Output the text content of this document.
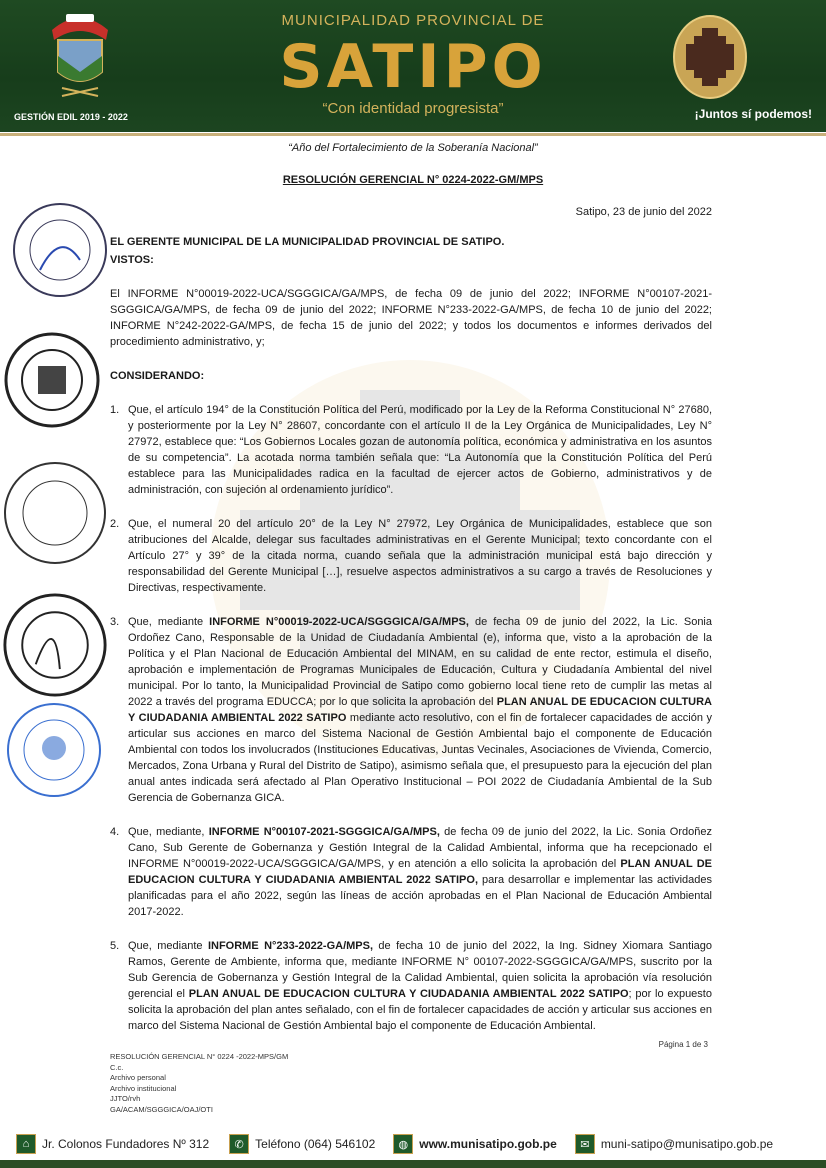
MUNICIPALIDAD PROVINCIAL DE
SATIPO
“Con identidad progresista”
GESTIÓN EDIL 2019 - 2022	¡Juntos sí podemos!
“Año del Fortalecimiento de la Soberanía Nacional”
RESOLUCIÓN GERENCIAL N° 0224-2022-GM/MPS
Satipo, 23 de junio del 2022
EL GERENTE MUNICIPAL DE LA MUNICIPALIDAD PROVINCIAL DE SATIPO.
VISTOS:
El INFORME N°00019-2022-UCA/SGGGICA/GA/MPS, de fecha 09 de junio del 2022; INFORME N°00107-2021-SGGGICA/GA/MPS, de fecha 09 de junio del 2022; INFORME N°233-2022-GA/MPS, de fecha 10 de junio del 2022; INFORME N°242-2022-GA/MPS, de fecha 15 de junio del 2022; y todos los documentos e informes derivados del procedimiento administrativo, y;
CONSIDERANDO:
1. Que, el artículo 194° de la Constitución Política del Perú, modificado por la Ley de la Reforma Constitucional N° 27680, y posteriormente por la Ley N° 28607, concordante con el artículo II de la Ley Orgánica de Municipalidades, Ley N° 27972, establece que: “Los Gobiernos Locales gozan de autonomía política, económica y administrativa en los asuntos de su competencia”. La acotada norma también señala que: “La Autonomía que la Constitución Política del Perú establece para las Municipalidades radica en la facultad de ejercer actos de Gobierno, administrativos y de administración, con sujeción al ordenamiento jurídico”.
2. Que, el numeral 20 del artículo 20° de la Ley N° 27972, Ley Orgánica de Municipalidades, establece que son atribuciones del Alcalde, delegar sus facultades administrativas en el Gerente Municipal; texto concordante con el Artículo 27° y 39° de la citada norma, cuando señala que la administración municipal está bajo dirección y responsabilidad del Gerente Municipal […], resuelve aspectos administrativos a su cargo a través de Resoluciones y Directivas, respectivamente.
3. Que, mediante INFORME N°00019-2022-UCA/SGGGICA/GA/MPS, de fecha 09 de junio del 2022, la Lic. Sonia Ordoñez Cano, Responsable de la Unidad de Ciudadanía Ambiental (e), informa que, visto a la aprobación de la Política y el Plan Nacional de Educación Ambiental del MINAM, en su calidad de ente rector, estimula el diseño, aprobación e implementación de Programas Municipales de Educación, Cultura y Ciudadanía Ambiental del nivel municipal. Por lo tanto, la Municipalidad Provincial de Satipo como gobierno local tiene reto de cumplir las metas al 2022 a través del programa EDUCCA; por lo que solicita la aprobación del PLAN ANUAL DE EDUCACION CULTURA Y CIUDADANIA AMBIENTAL 2022 SATIPO mediante acto resolutivo, con el fin de fortalecer capacidades de acción y articular sus acciones en marco del Sistema Nacional de Gestión Ambiental bajo el componente de Educación Ambiental con todos los involucrados (Instituciones Educativas, Juntas Vecinales, Asociaciones de Vivienda, Comercio, Mercados, Zona Urbana y Rural del Distrito de Satipo), asimismo señala que, el presupuesto para la ejecución del plan anual antes indicada será afectado al Plan Operativo Institucional – POI 2022 de Ciudadanía Ambiental de la Sub Gerencia de Gobernanza GICA.
4. Que, mediante, INFORME N°00107-2021-SGGGICA/GA/MPS, de fecha 09 de junio del 2022, la Lic. Sonia Ordoñez Cano, Sub Gerente de Gobernanza y Gestión Integral de la Calidad Ambiental, informa que ha recepcionado el INFORME N°00019-2022-UCA/SGGGICA/GA/MPS, y en atención a ello solicita la aprobación del PLAN ANUAL DE EDUCACION CULTURA Y CIUDADANIA AMBIENTAL 2022 SATIPO, para desarrollar e implementar las actividades planificadas para el año 2022, según las líneas de acción aprobadas en el Plan Nacional de Educación Ambiental 2017-2022.
5. Que, mediante INFORME N°233-2022-GA/MPS, de fecha 10 de junio del 2022, la Ing. Sidney Xiomara Santiago Ramos, Gerente de Ambiente, informa que, mediante INFORME N° 00107-2022-SGGGICA/GA/MPS, suscrito por la Sub Gerencia de Gobernanza y Gestión Integral de la Calidad Ambiental, quien solicita la aprobación vía resolución gerencial el PLAN ANUAL DE EDUCACION CULTURA Y CIUDADANIA AMBIENTAL 2022 SATIPO; por lo expuesto solicita la aprobación del plan antes señalado, con el fin de fortalecer capacidades de acción y articular sus acciones en marco del Sistema Nacional de Gestión Ambiental bajo el componente de Educación Ambiental.
Página 1 de 3
RESOLUCIÓN GERENCIAL N° 0224 -2022-MPS/GM
C.c.
Archivo personal
Archivo institucional
JJTO/rvh
GA/ACAM/SGGGICA/OAJ/OTI
⌂	Jr. Colonos Fundadores Nº 312	✆ Teléfono (064) 546102	◍ www.munisatipo.gob.pe	✉ muni-satipo@munisatipo.gob.pe
